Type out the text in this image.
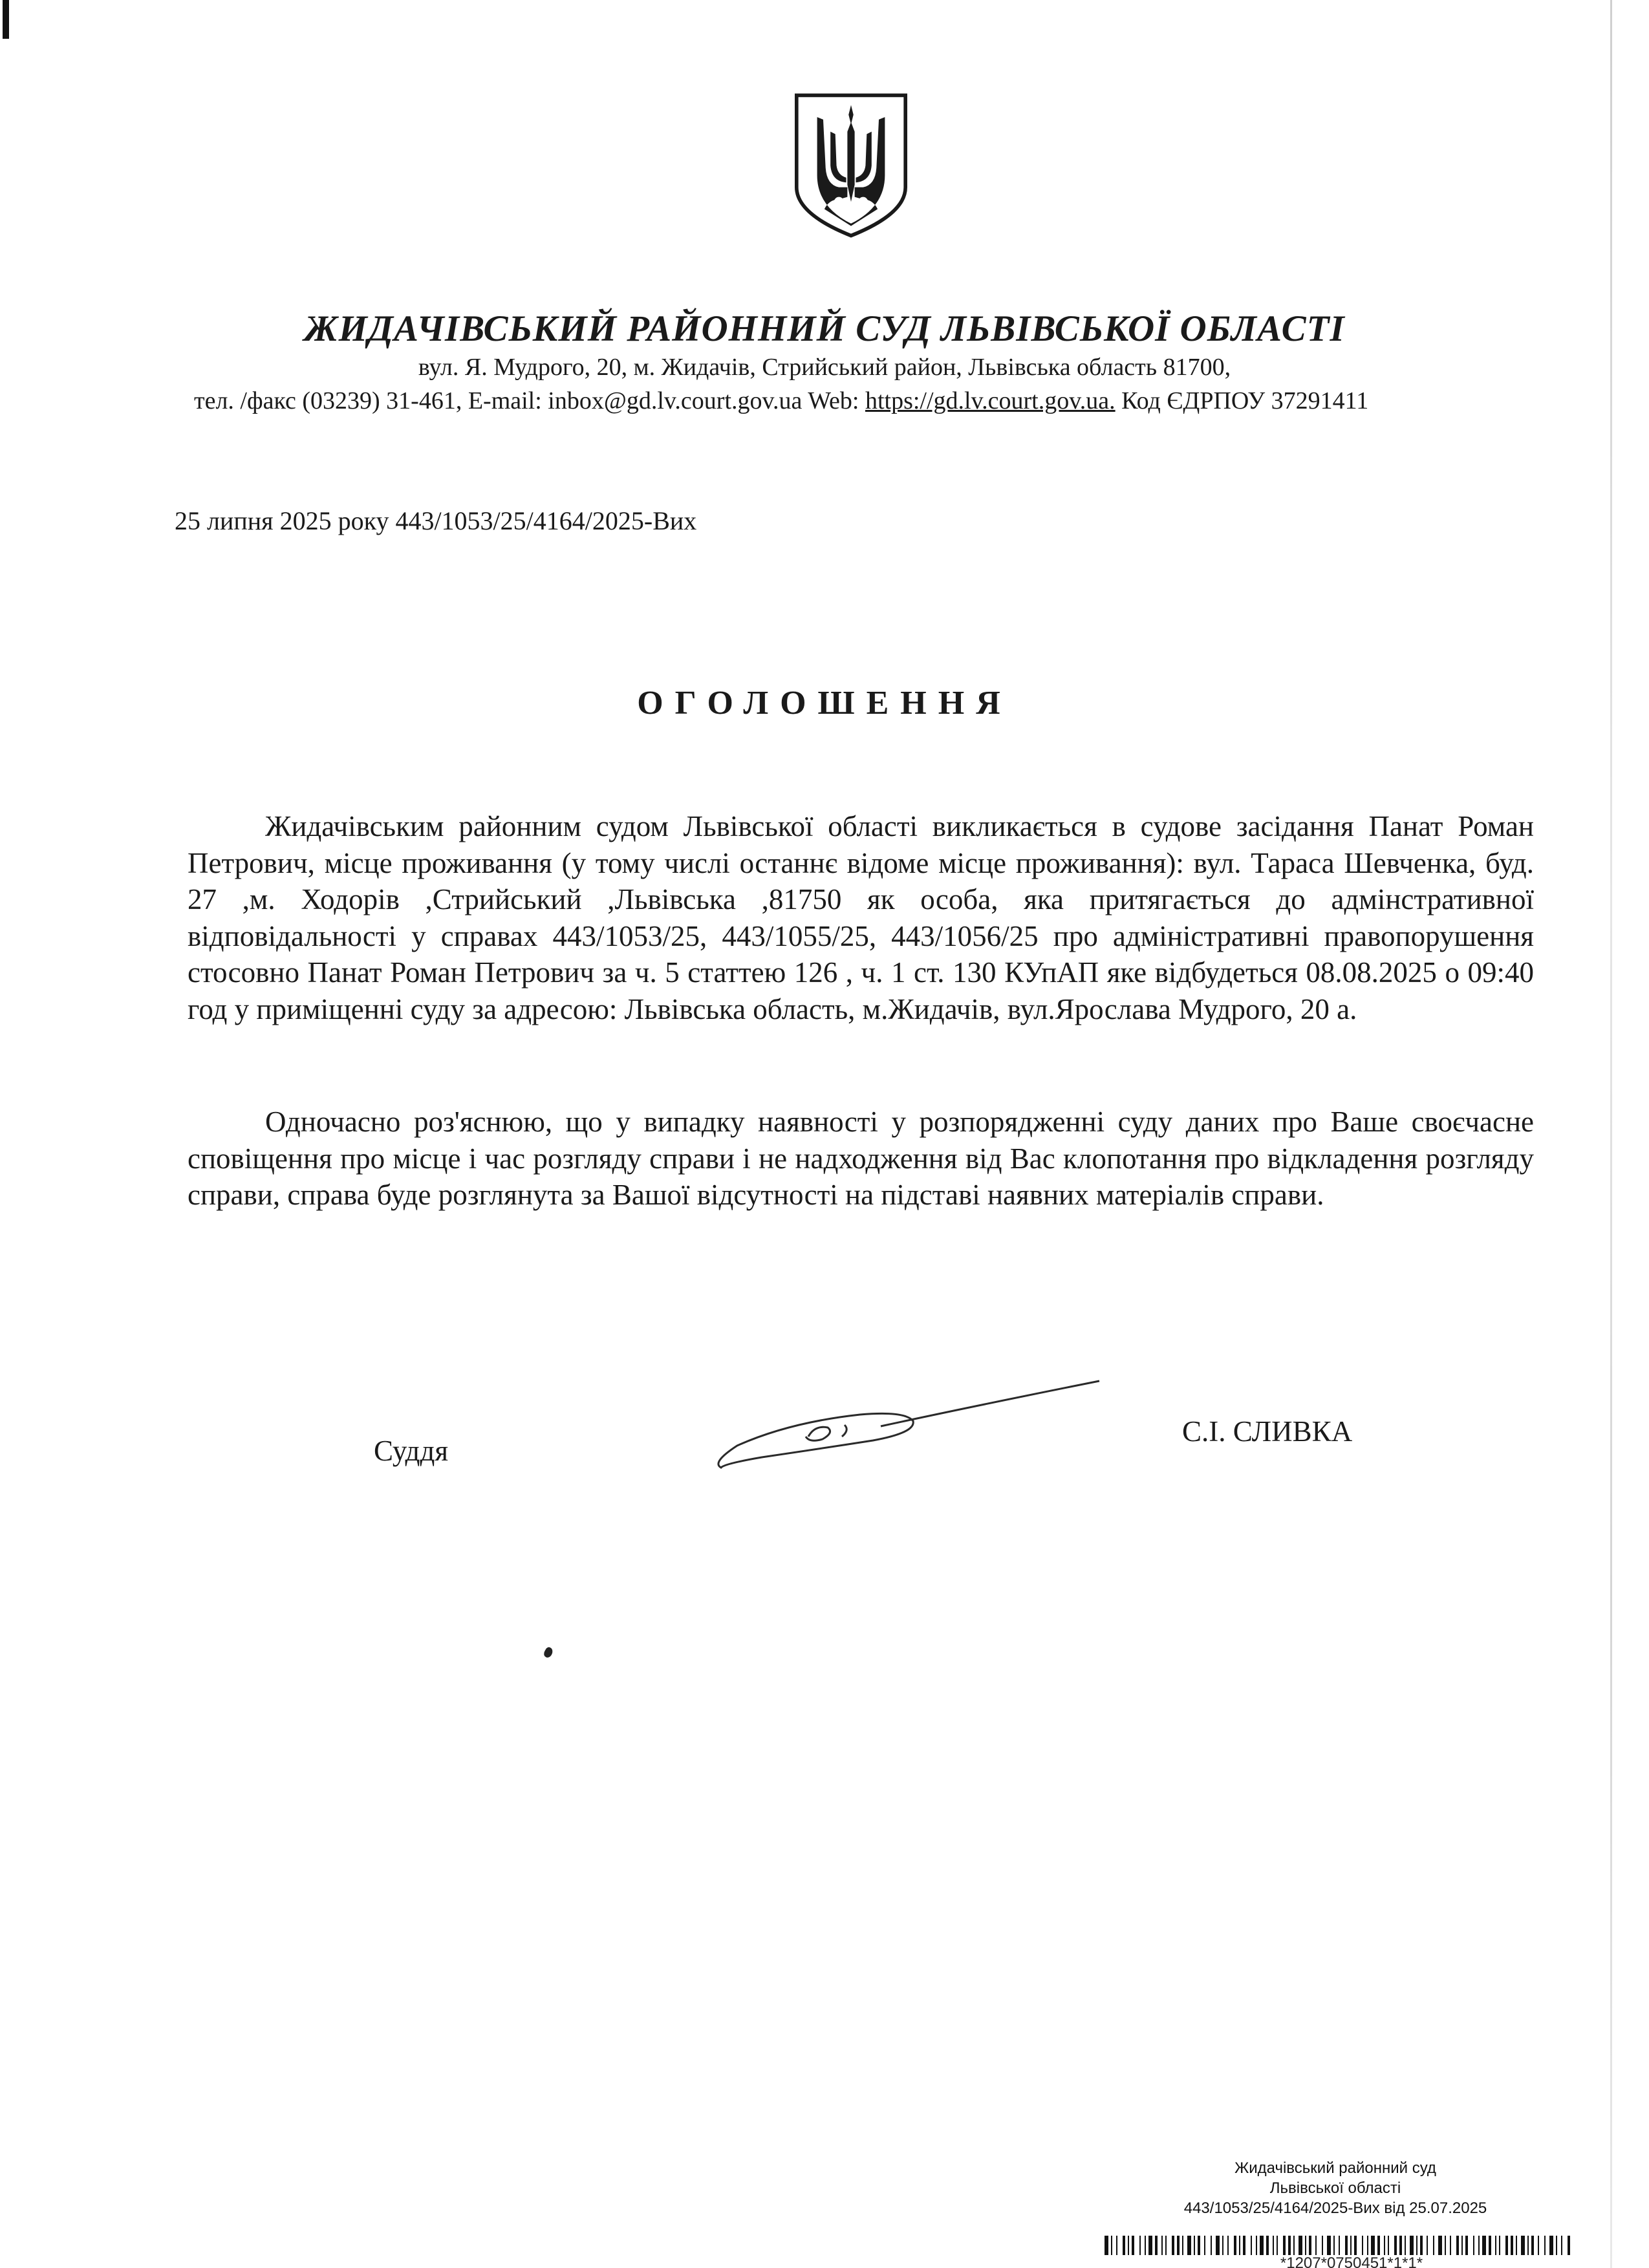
ЖИДАЧІВСЬКИЙ РАЙОННИЙ СУД ЛЬВІВСЬКОЇ ОБЛАСТІ
вул. Я. Мудрого, 20, м. Жидачів, Стрийський район, Львівська область 81700,
тел. /факс (03239) 31-461, E-mail: inbox@gd.lv.court.gov.ua Web: https://gd.lv.court.gov.ua. Код ЄДРПОУ 37291411
25 липня 2025 року 443/1053/25/4164/2025-Вих
ОГОЛОШЕННЯ

Жидачівським районним судом Львівської області викликається в судове засідання Панат Роман Петрович, місце проживання (у тому числі останнє відоме місце проживання): вул. Тараса Шевченка, буд. 27 ,м. Ходорів ,Стрийський ,Львівська ,81750 як особа, яка притягається до адмінстративної відповідальності у справах 443/1053/25, 443/1055/25, 443/1056/25 про адміністративні правопорушення стосовно Панат Роман Петрович за ч. 5 статтею 126 , ч. 1 ст. 130 КУпАП яке відбудеться 08.08.2025 о 09:40 год у приміщенні суду за адресою: Львівська область, м.Жидачів, вул.Ярослава Мудрого, 20 а.

Одночасно роз'яснюю, що у випадку наявності у розпорядженні суду даних про Ваше своєчасне сповіщення про місце і час розгляду справи і не надходження від Вас клопотання про відкладення розгляду справи, справа буде розглянута за Вашої відсутності на підставі наявних матеріалів справи.

Суддя
С.І. СЛИВКА
Жидачівський районний суд
Львівської області
443/1053/25/4164/2025-Вих від 25.07.2025
*1207*0750451*1*1*
